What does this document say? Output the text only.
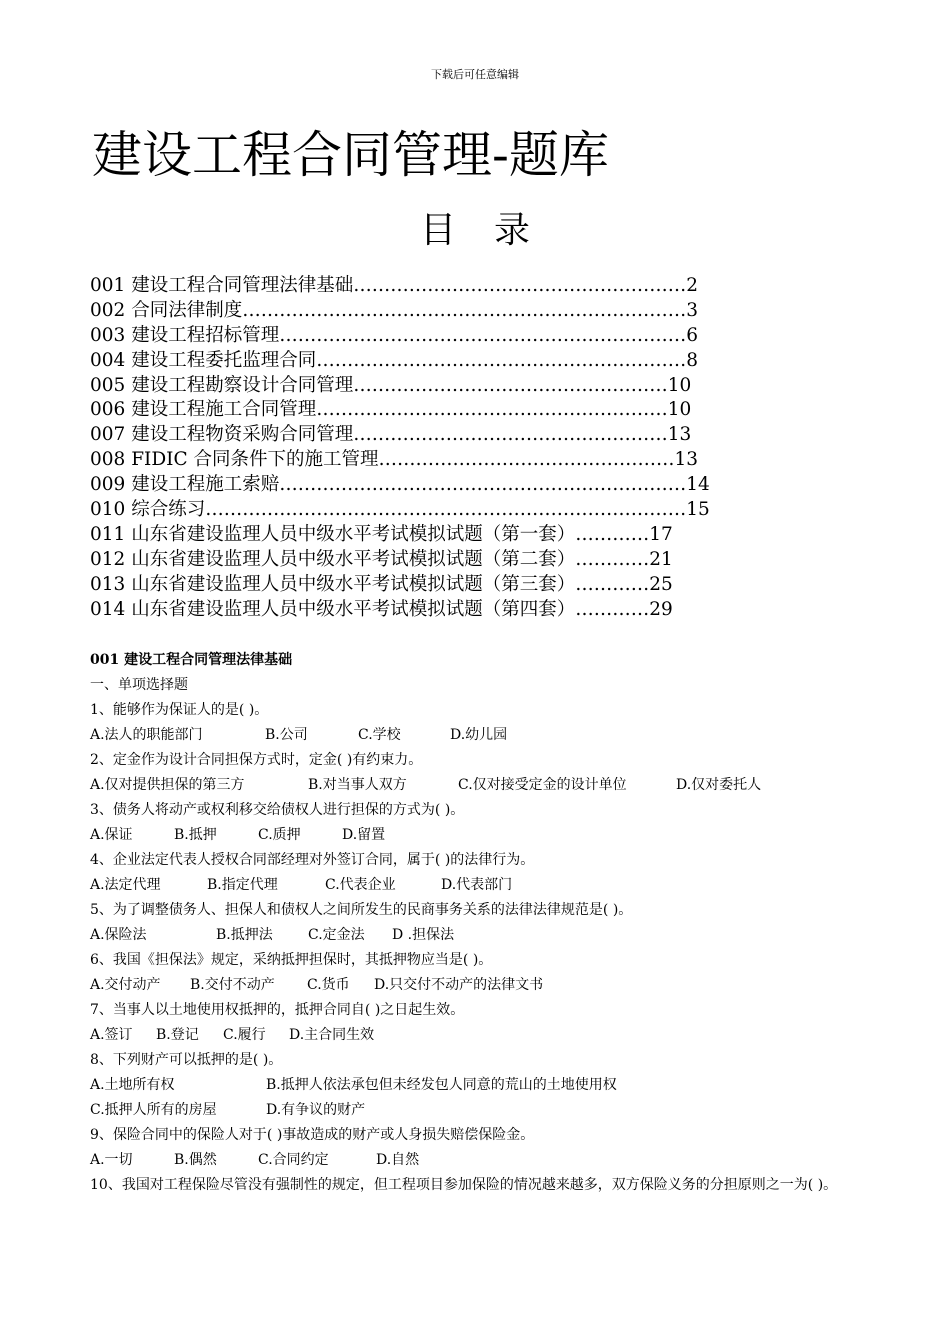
下载后可任意编辑
建设工程合同管理-题库
目录
001 建设工程合同管理法律基础………………………………………………2
002 合同法律制度………………………………………………………………3
003 建设工程招标管理…………………………………………………………6
004 建设工程委托监理合同……………………………………………………8
005 建设工程勘察设计合同管理……………………………………………10
006 建设工程施工合同管理…………………………………………………10
007 建设工程物资采购合同管理……………………………………………13
008 FIDIC 合同条件下的施工管理…………………………………………13
009 建设工程施工索赔…………………………………………………………14
010 综合练习……………………………………………………………………15
011 山东省建设监理人员中级水平考试模拟试题（第一套）…………17
012 山东省建设监理人员中级水平考试模拟试题（第二套）…………21
013 山东省建设监理人员中级水平考试模拟试题（第三套）…………25
014 山东省建设监理人员中级水平考试模拟试题（第四套）…………29
001 建设工程合同管理法律基础
一、单项选择题
1、能够作为保证人的是( )。
A.法人的职能部门	B.公司	C.学校	D.幼儿园
2、定金作为设计合同担保方式时，定金( )有约束力。
A.仅对提供担保的第三方	B.对当事人双方	C.仅对接受定金的设计单位	D.仅对委托人
3、债务人将动产或权利移交给债权人进行担保的方式为( )。
A.保证	B.抵押	C.质押	D.留置
4、企业法定代表人授权合同部经理对外签订合同，属于( )的法律行为。
A.法定代理	B.指定代理	C.代表企业	D.代表部门
5、为了调整债务人、担保人和债权人之间所发生的民商事务关系的法律法律规范是( )。
A.保险法	B.抵押法	C.定金法	D .担保法
6、我国《担保法》规定，采纳抵押担保时，其抵押物应当是( )。
A.交付动产	B.交付不动产	C.货币	D.只交付不动产的法律文书
7、当事人以土地使用权抵押的，抵押合同自( )之日起生效。
A.签订	B.登记	C.履行	D.主合同生效
8、下列财产可以抵押的是( )。
A.土地所有权	B.抵押人依法承包但未经发包人同意的荒山的土地使用权
C.抵押人所有的房屋	D.有争议的财产
9、保险合同中的保险人对于( )事故造成的财产或人身损失赔偿保险金。
A.一切	B.偶然	C.合同约定	D.自然
10、我国对工程保险尽管没有强制性的规定，但工程项目参加保险的情况越来越多，双方保险义务的分担原则之一为( )。
